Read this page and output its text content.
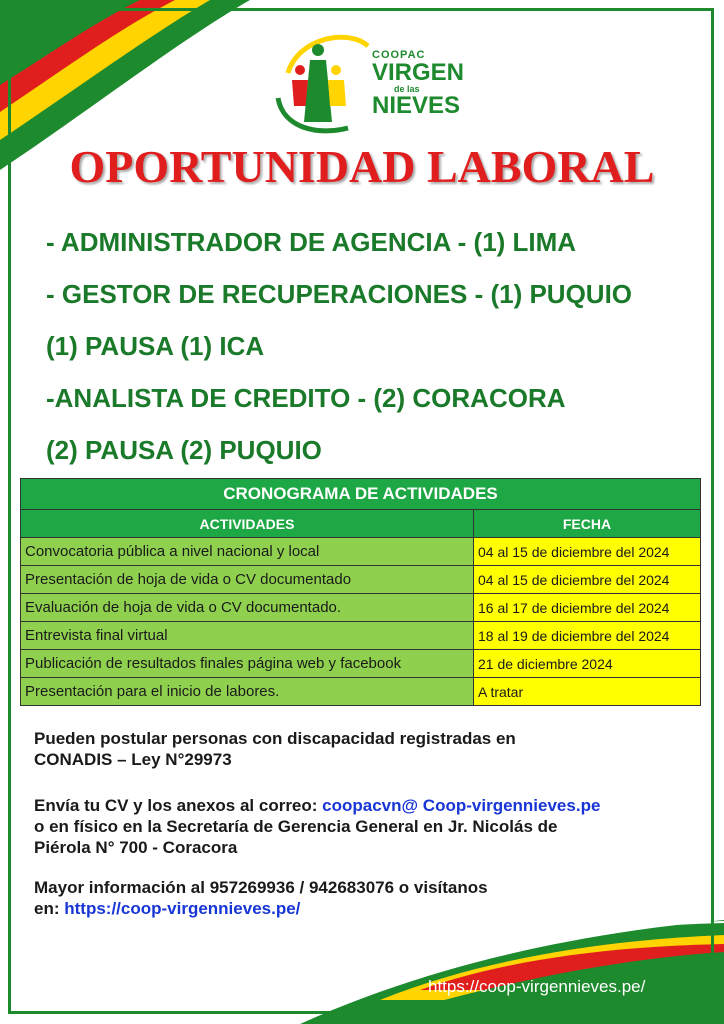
COOPAC
VIRGEN
de las
NIEVES
OPORTUNIDAD LABORAL
- ADMINISTRADOR DE AGENCIA - (1) LIMA
- GESTOR DE RECUPERACIONES - (1) PUQUIO
(1) PAUSA (1) ICA
-ANALISTA DE CREDITO - (2) CORACORA
(2) PAUSA (2) PUQUIO
CRONOGRAMA DE ACTIVIDADES	
ACTIVIDADES	FECHA
Convocatoria pública a nivel nacional y local	04 al 15 de diciembre del 2024
Presentación de hoja de vida o CV documentado	04 al 15 de diciembre del 2024
Evaluación de hoja de vida o CV documentado.	16 al 17 de diciembre del 2024
Entrevista final virtual	18 al 19 de diciembre del 2024
Publicación de resultados finales página web y facebook	21 de diciembre 2024
Presentación para el inicio de labores.	A tratar
Pueden postular personas con discapacidad registradas en
CONADIS – Ley N°29973
Envía tu CV y los anexos al correo: coopacvn@ Coop-virgennieves.pe
o en físico en la Secretaría de Gerencia General en Jr. Nicolás de
Piérola N° 700 - Coracora
Mayor información al 957269936 / 942683076 o visítanos
en: https://coop-virgennieves.pe/
https://coop-virgennieves.pe/
